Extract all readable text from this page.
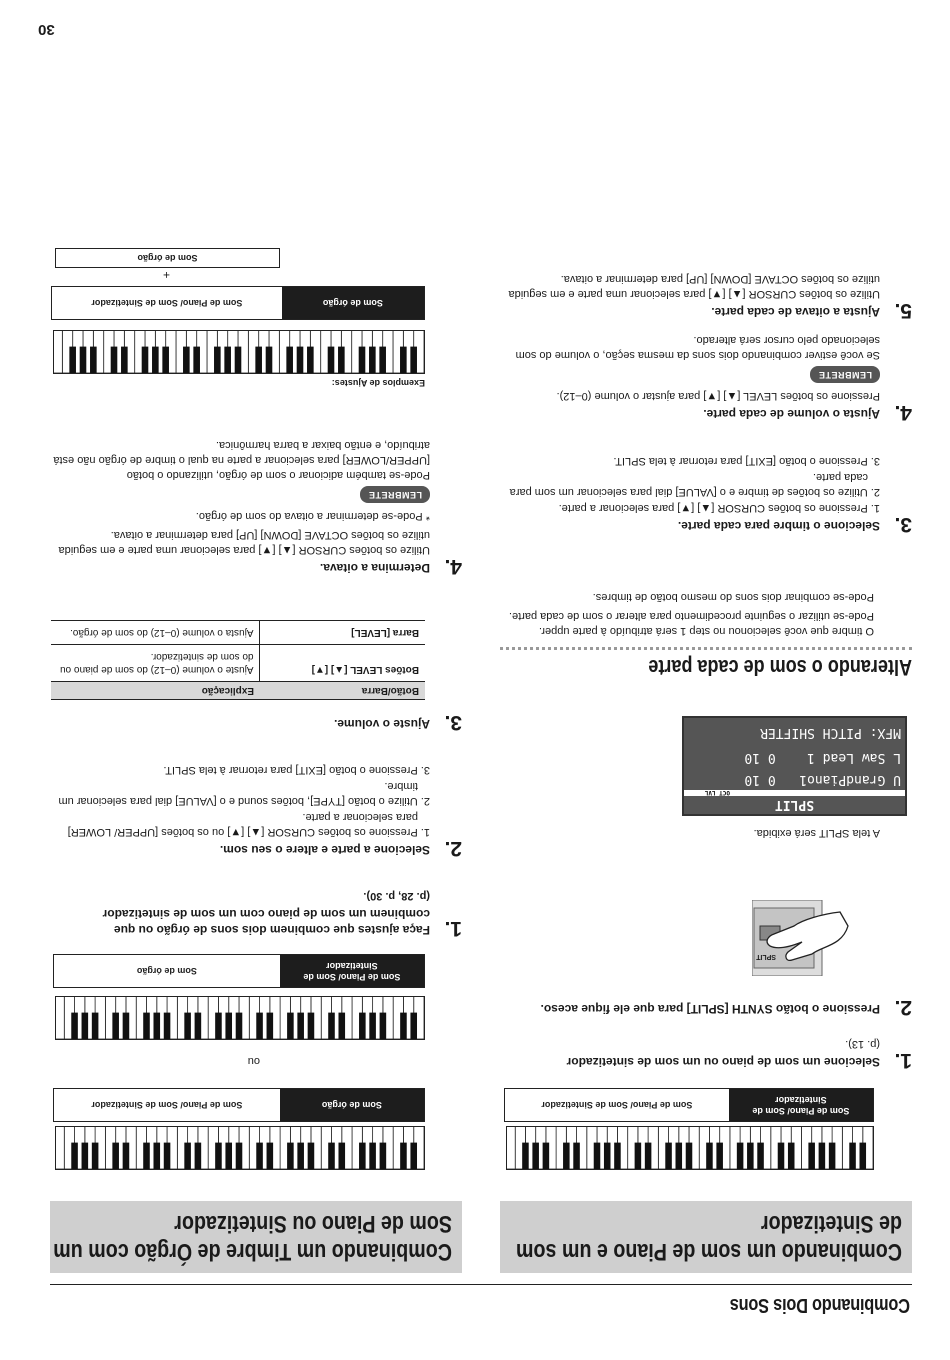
Combinando Dois Sons
30
Combinando um som de Piano e um som de Sintetizador
Som de Piano/ Som de Sintetizador
Som de Piano/ Som de Sintetizador
1.
Selecione um som de piano ou um som de sintetizador
(p. 13).
2.
Pressione o botão SYNTH [SPLIT] para que ele fique aceso.
SPLIT
A tela SPLIT será exibida.
SPLIT
OCT LVL
U GrandPiano1   0 10
L Saw Lead 1    0 10
MFX: PITCH SHIFTER
Alterando o som de cada parte

O timbre que você selecionou no step 1 será atribuído à parte upper.

Pode-se utilizar o seguinte procedimento para alterar o som de cada parte.

Pode-se combinar dois sons do mesmo botão de timbres.

3.
Selecione o timbre para cada parte.

1. Pressione os botões CURSOR [▲] [▼] para selecionar a parte.

2. Utilize os botões de timbre e o [VALUE] dial para selecionar um som para cada parte.

3. Pressione o botão [EXIT] para retornar à tela SPLIT.

4.
Ajusta o volume de cada parte.

Pressione os botões LEVEL [▲] [▼] para ajustar o volume (0–12).

LEMBRETE

Se você estiver combinando dois sons da mesma seção, o volume do som selecionado pelo cursor será alterado.

5.
Ajusta a oitava de cada parte.

Utilize os botões CURSOR [▲] [▼] para selecionar uma parte e em seguida utilize os botões OCTAVE [DOWN] [UP] para determinar a oitava.

Combinando um Timbre de Órgão com um Som de Piano ou Sintetizador
Som de órgão
Som de Piano/ Som de Sintetizador
ou
Som de Piano/ Som de Sintetizador
Som de órgão
1.
Faça ajustes que combinem dois sons de órgão ou que combinem um som de piano com um som de sintetizador
(p. 28, p. 30).
2.
Selecione a parte e altere o seu som.

1. Pressione os botões CURSOR [▲] [▼] ou os botões [UPPER/ LOWER] para selecionar a parte.

2. Utilize o botão [TYPE], botões sound e o [VALUE] dial para selecionar um timbre.

3. Pressione o botão [EXIT] para retornar à tela SPLIT.

3.
Ajuste o volume.
Botão/Barra	Explicação
Botões LEVEL [▲] [▼]	Ajuste o volume (0–12) do som de piano ou do som de sintetizador.
Barra [LEVEL]	Ajusta o volume (0–12) do som de órgão.
4.
Determina a oitava.

Utilize os botões CURSOR [▲] [▼] para selecionar uma parte e em seguida utilize os botões OCTAVE [DOWN] [UP] para determinar a oitava.

* Pode-se determinar a oitava do som de órgão.

LEMBRETE

Pode-se também adicionar o som de órgão, utilizando o botão [UPPER/LOWER] para selecionar a parte na qual o timbre de órgão não está atribuído, e então baixar a barra harmônica.

Exemplos de Ajustes:
Som de órgão
Som de Piano/ Som de Sintetizador
+
Som de órgão
